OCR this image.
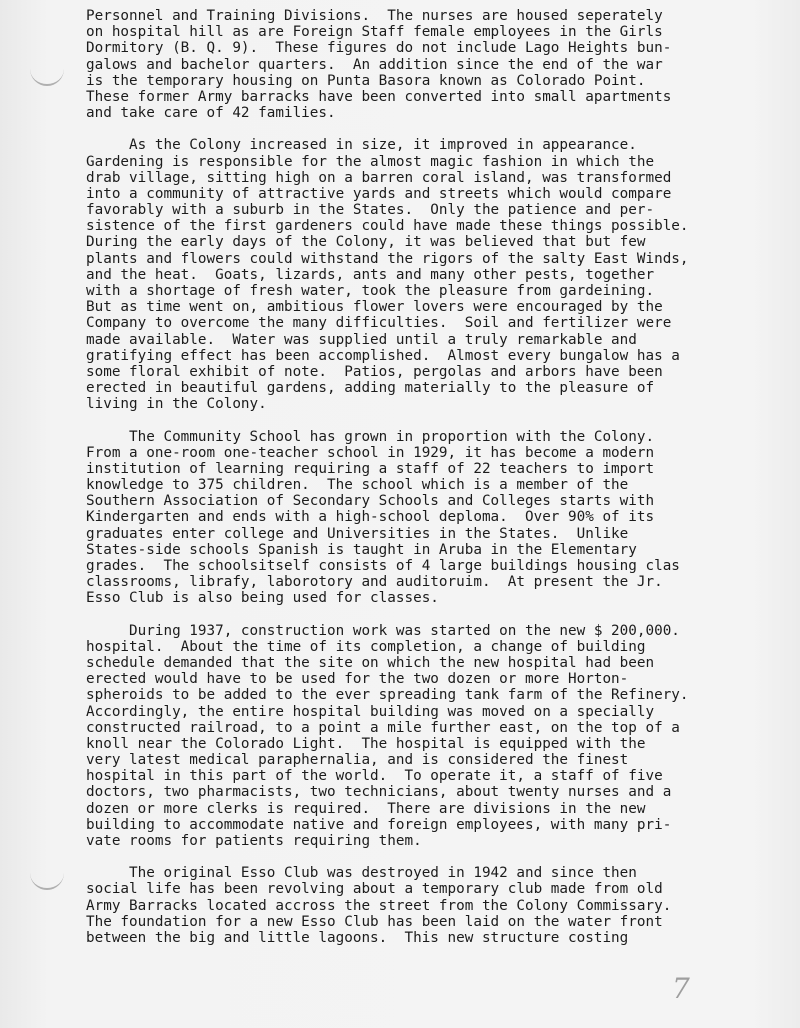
Personnel and Training Divisions.  The nurses are housed seperately
on hospital hill as are Foreign Staff female employees in the Girls
Dormitory (B. Q. 9).  These figures do not include Lago Heights bun-
galows and bachelor quarters.  An addition since the end of the war
is the temporary housing on Punta Basora known as Colorado Point.
These former Army barracks have been converted into small apartments
and take care of 42 families.
As the Colony increased in size, it improved in appearance.
Gardening is responsible for the almost magic fashion in which the
drab village, sitting high on a barren coral island, was transformed
into a community of attractive yards and streets which would compare
favorably with a suburb in the States.  Only the patience and per-
sistence of the first gardeners could have made these things possible.
During the early days of the Colony, it was believed that but few
plants and flowers could withstand the rigors of the salty East Winds,
and the heat.  Goats, lizards, ants and many other pests, together
with a shortage of fresh water, took the pleasure from gardeining.
But as time went on, ambitious flower lovers were encouraged by the
Company to overcome the many difficulties.  Soil and fertilizer were
made available.  Water was supplied until a truly remarkable and
gratifying effect has been accomplished.  Almost every bungalow has a
some floral exhibit of note.  Patios, pergolas and arbors have been
erected in beautiful gardens, adding materially to the pleasure of
living in the Colony.
The Community School has grown in proportion with the Colony.
From a one-room one-teacher school in 1929, it has become a modern
institution of learning requiring a staff of 22 teachers to import
knowledge to 375 children.  The school which is a member of the
Southern Association of Secondary Schools and Colleges starts with
Kindergarten and ends with a high-school deploma.  Over 90% of its
graduates enter college and Universities in the States.  Unlike
States-side schools Spanish is taught in Aruba in the Elementary
grades.  The schoolsitself consists of 4 large buildings housing clas
classrooms, librafy, laborotory and auditoruim.  At present the Jr.
Esso Club is also being used for classes.
During 1937, construction work was started on the new $ 200,000.
hospital.  About the time of its completion, a change of building
schedule demanded that the site on which the new hospital had been
erected would have to be used for the two dozen or more Horton-
spheroids to be added to the ever spreading tank farm of the Refinery.
Accordingly, the entire hospital building was moved on a specially
constructed railroad, to a point a mile further east, on the top of a
knoll near the Colorado Light.  The hospital is equipped with the
very latest medical paraphernalia, and is considered the finest
hospital in this part of the world.  To operate it, a staff of five
doctors, two pharmacists, two technicians, about twenty nurses and a
dozen or more clerks is required.  There are divisions in the new
building to accommodate native and foreign employees, with many pri-
vate rooms for patients requiring them.
The original Esso Club was destroyed in 1942 and since then
social life has been revolving about a temporary club made from old
Army Barracks located accross the street from the Colony Commissary.
The foundation for a new Esso Club has been laid on the water front
between the big and little lagoons.  This new structure costing
7
